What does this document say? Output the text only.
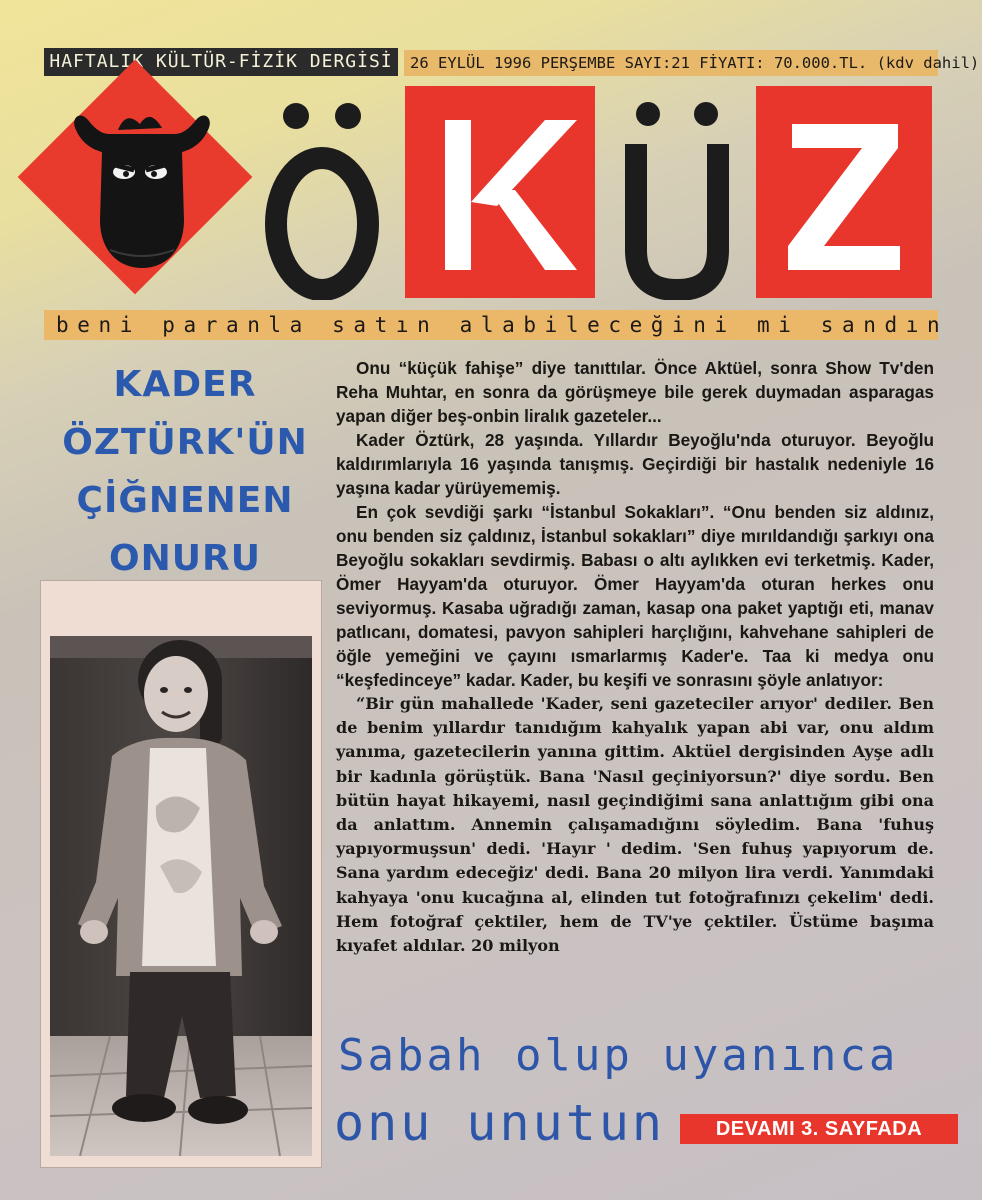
HAFTALIK KÜLTÜR-FİZİK DERGİSİ	26 EYLÜL 1996 PERŞEMBE SAYI:21 FİYATI: 70.000.TL. (kdv dahil)
beni paranla satın alabileceğini mi sandın
KADER
ÖZTÜRK'ÜN
ÇİĞNENEN
ONURU

Onu “küçük fahişe” diye tanıttılar. Önce Aktüel, sonra Show Tv'den Reha Muhtar, en sonra da görüşmeye bile gerek duymadan asparagas yapan diğer beş-onbin liralık gazeteler...

Kader Öztürk, 28 yaşında. Yıllardır Beyoğlu'nda oturuyor. Beyoğlu kaldırımlarıyla 16 yaşında tanışmış. Geçirdiği bir hastalık nedeniyle 16 yaşına kadar yürüyememiş.

En çok sevdiği şarkı “İstanbul Sokakları”. “Onu benden siz aldınız, onu benden siz çaldınız, İstanbul sokakları” diye mırıldandığı şarkıyı ona Beyoğlu sokakları sevdirmiş. Babası o altı aylıkken evi terketmiş. Kader, Ömer Hayyam'da oturuyor. Ömer Hayyam'da oturan herkes onu seviyormuş. Kasaba uğradığı zaman, kasap ona paket yaptığı eti, manav patlıcanı, domatesi, pavyon sahipleri harçlığını, kahvehane sahipleri de öğle yemeğini ve çayını ısmarlarmış Kader'e. Taa ki medya onu “keşfedinceye” kadar. Kader, bu keşifi ve sonrasını şöyle anlatıyor:

“Bir gün mahallede 'Kader, seni gazeteciler arıyor' dediler. Ben de benim yıllardır tanıdığım kahyalık yapan abi var, onu aldım yanıma, gazetecilerin yanına gittim. Aktüel dergisinden Ayşe adlı bir kadınla görüştük. Bana 'Nasıl geçiniyorsun?' diye sordu. Ben bütün hayat hikayemi, nasıl geçindiğimi sana anlattığım gibi ona da anlattım. Annemin çalışamadığını söyledim. Bana 'fuhuş yapıyormuşsun' dedi. 'Hayır ' dedim. 'Sen fuhuş yapıyorum de. Sana yardım edeceğiz' dedi. Bana 20 milyon lira verdi. Yanımdaki kahyaya 'onu kucağına al, elinden tut fotoğrafınızı çekelim' dedi. Hem fotoğraf çektiler, hem de TV'ye çektiler. Üstüme başıma kıyafet aldılar. 20 milyon

Sabah olup uyanınca
onu unutun	DEVAMI 3. SAYFADA
